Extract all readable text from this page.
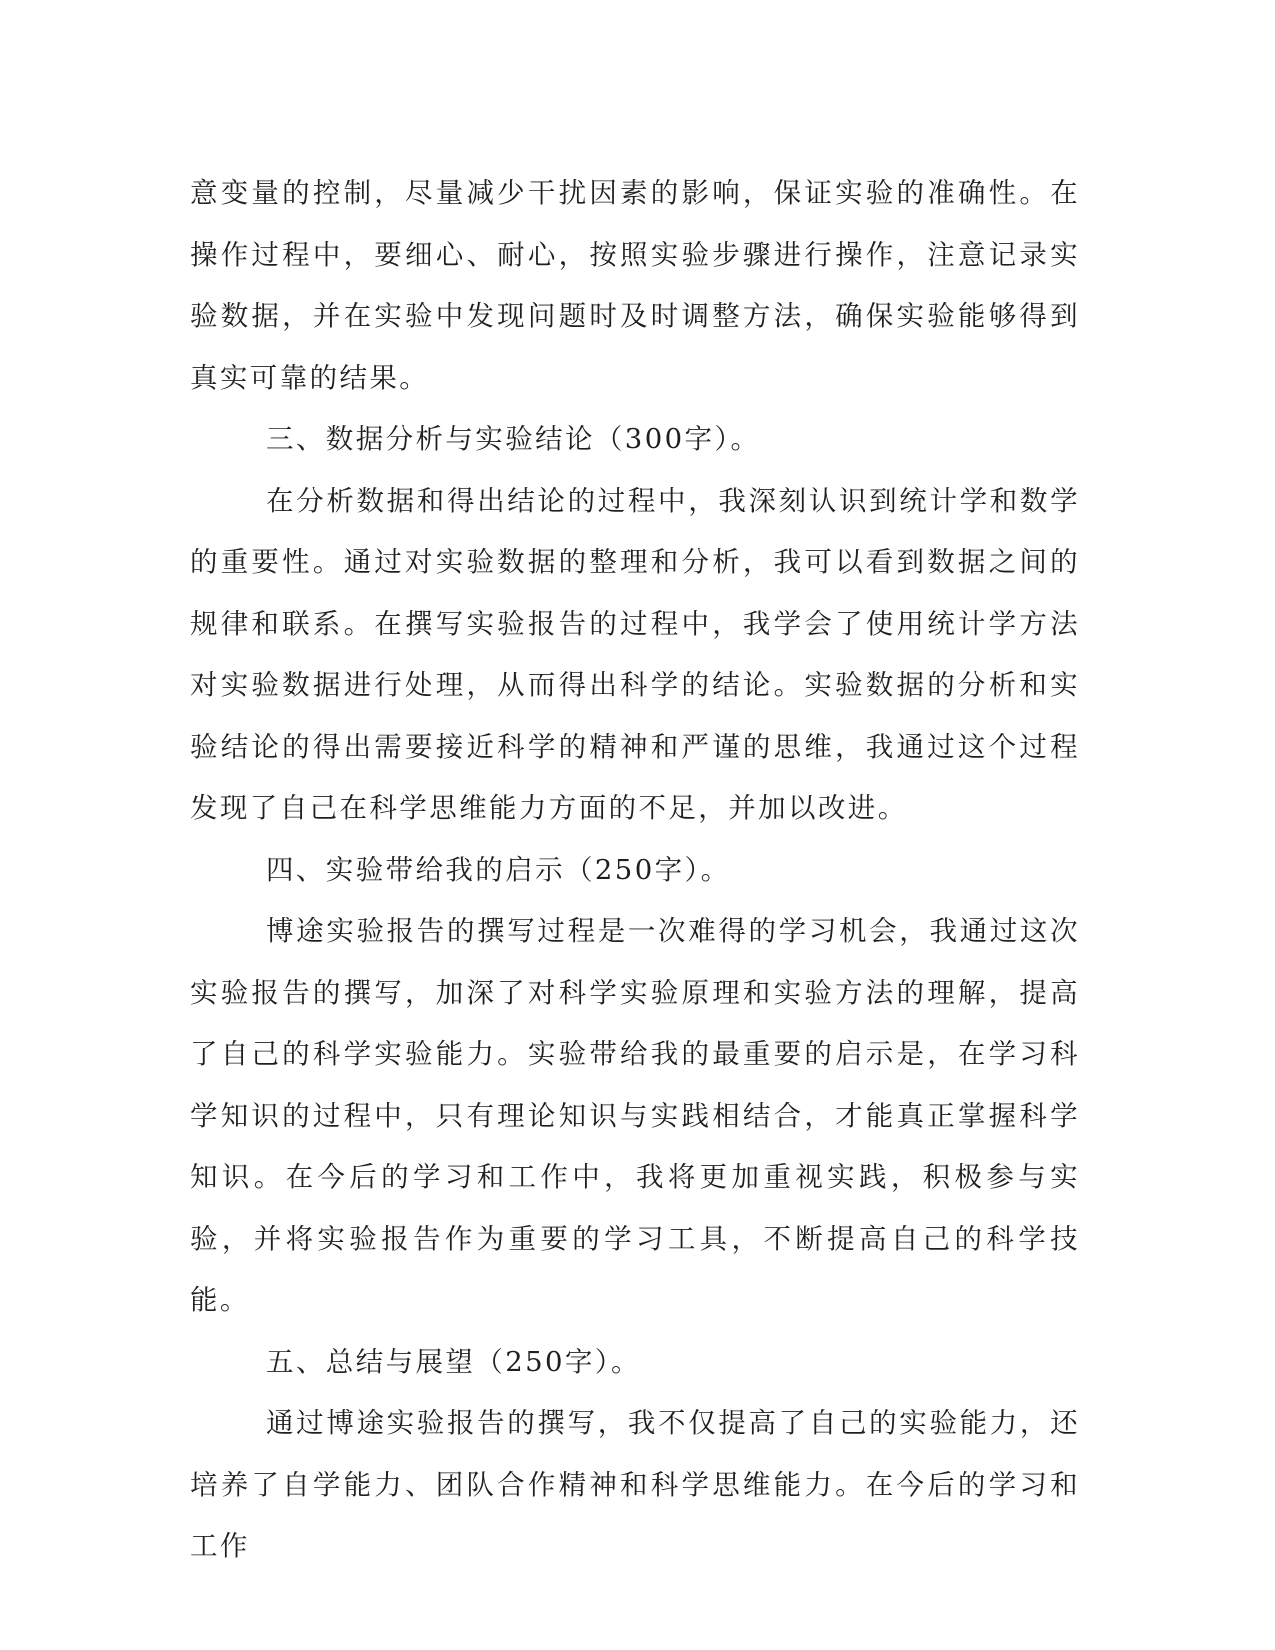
意变量的控制，尽量减少干扰因素的影响，保证实验的准确性。在操作过程中，要细心、耐心，按照实验步骤进行操作，注意记录实验数据，并在实验中发现问题时及时调整方法，确保实验能够得到真实可靠的结果。

三、数据分析与实验结论（300字）。

在分析数据和得出结论的过程中，我深刻认识到统计学和数学的重要性。通过对实验数据的整理和分析，我可以看到数据之间的规律和联系。在撰写实验报告的过程中，我学会了使用统计学方法对实验数据进行处理，从而得出科学的结论。实验数据的分析和实验结论的得出需要接近科学的精神和严谨的思维，我通过这个过程发现了自己在科学思维能力方面的不足，并加以改进。

四、实验带给我的启示（250字）。

博途实验报告的撰写过程是一次难得的学习机会，我通过这次实验报告的撰写，加深了对科学实验原理和实验方法的理解，提高了自己的科学实验能力。实验带给我的最重要的启示是，在学习科学知识的过程中，只有理论知识与实践相结合，才能真正掌握科学知识。在今后的学习和工作中，我将更加重视实践，积极参与实验，并将实验报告作为重要的学习工具，不断提高自己的科学技能。

五、总结与展望（250字）。

通过博途实验报告的撰写，我不仅提高了自己的实验能力，还培养了自学能力、团队合作精神和科学思维能力。在今后的学习和工作
